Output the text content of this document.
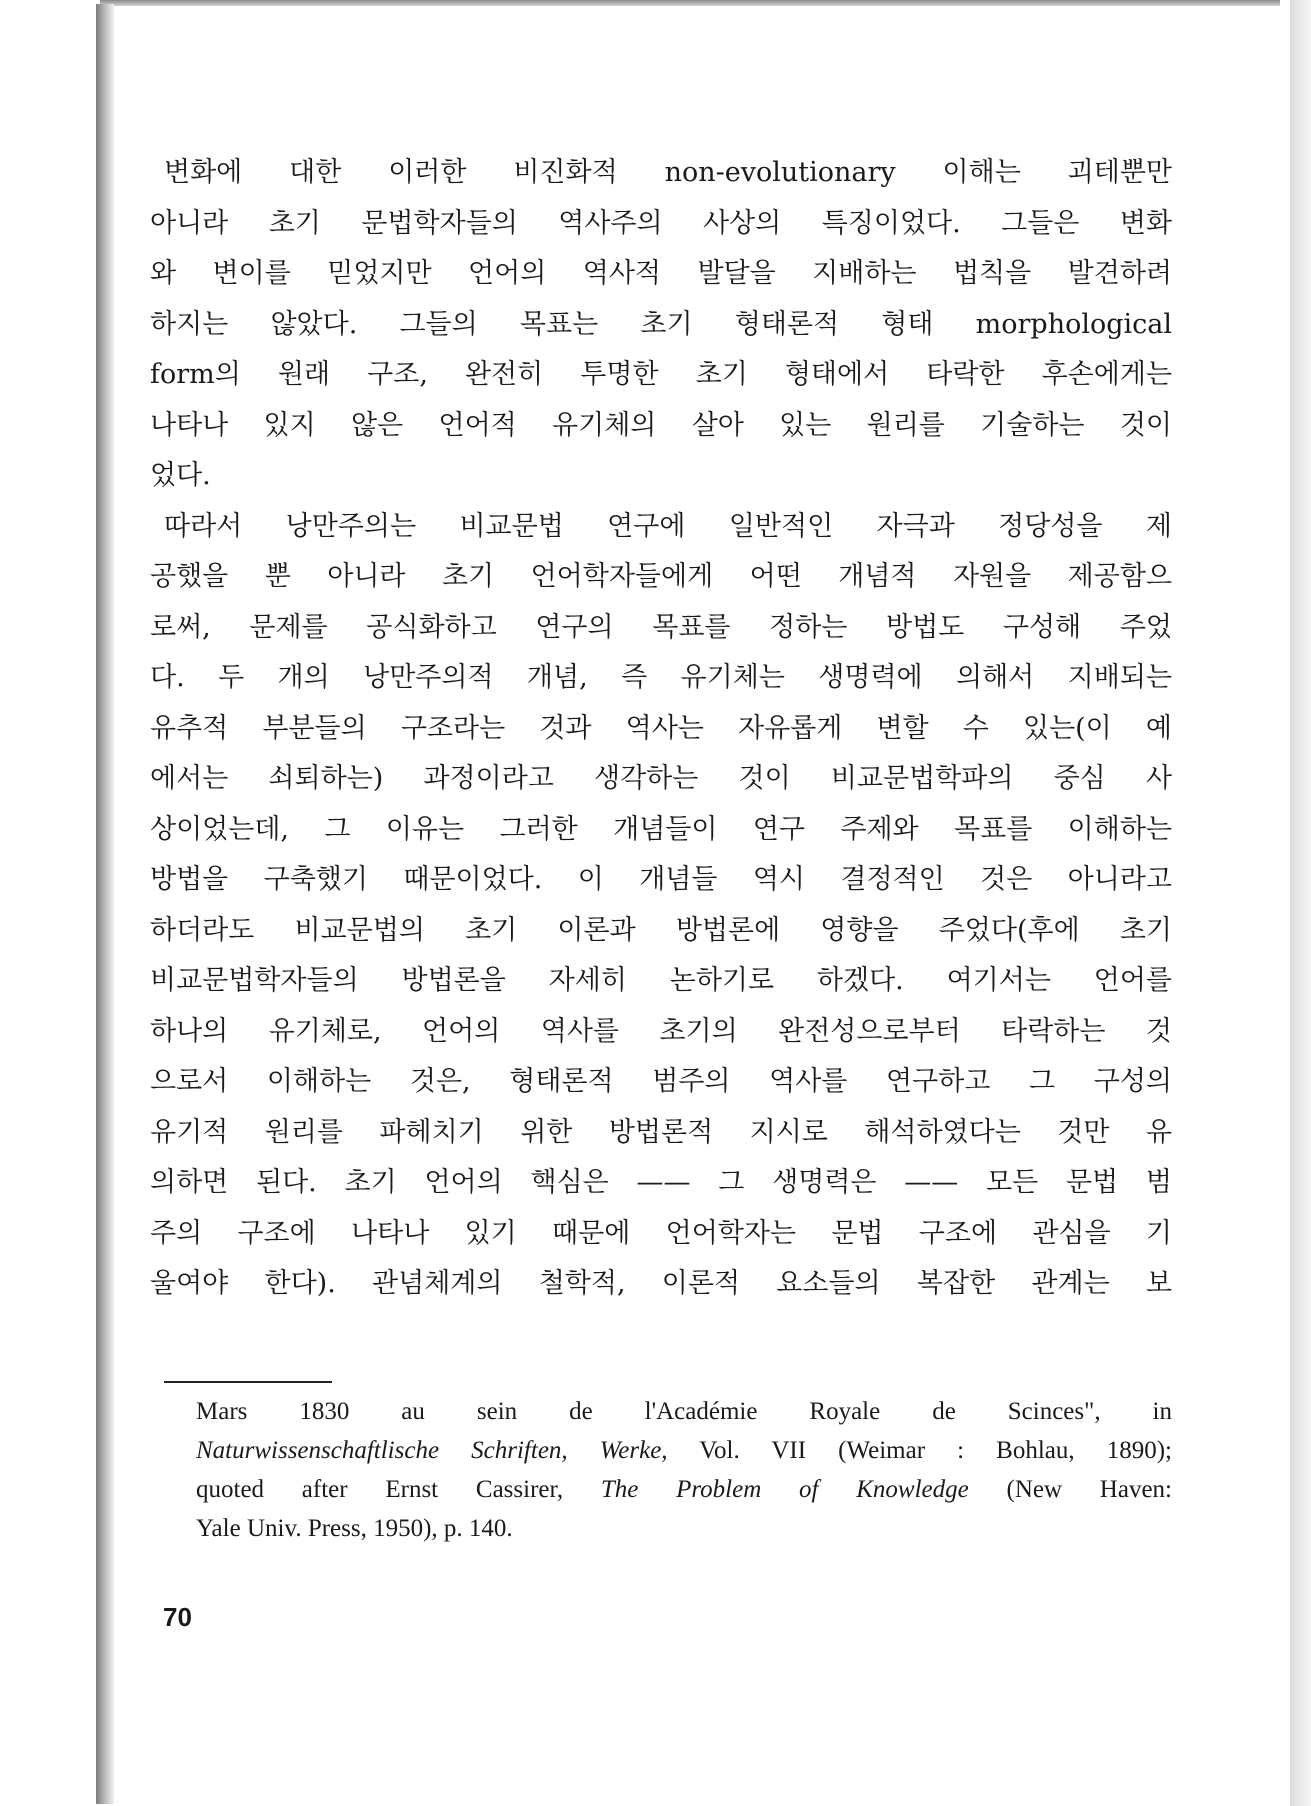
변화에 대한 이러한 비진화적 non-evolutionary 이해는 괴테뿐만
아니라 초기 문법학자들의 역사주의 사상의 특징이었다. 그들은 변화
와 변이를 믿었지만 언어의 역사적 발달을 지배하는 법칙을 발견하려
하지는 않았다. 그들의 목표는 초기 형태론적 형태 morphological
form의 원래 구조, 완전히 투명한 초기 형태에서 타락한 후손에게는
나타나 있지 않은 언어적 유기체의 살아 있는 원리를 기술하는 것이
었다.
따라서 낭만주의는 비교문법 연구에 일반적인 자극과 정당성을 제
공했을 뿐 아니라 초기 언어학자들에게 어떤 개념적 자원을 제공함으
로써, 문제를 공식화하고 연구의 목표를 정하는 방법도 구성해 주었
다. 두 개의 낭만주의적 개념, 즉 유기체는 생명력에 의해서 지배되는
유추적 부분들의 구조라는 것과 역사는 자유롭게 변할 수 있는(이 예
에서는 쇠퇴하는) 과정이라고 생각하는 것이 비교문법학파의 중심 사
상이었는데, 그 이유는 그러한 개념들이 연구 주제와 목표를 이해하는
방법을 구축했기 때문이었다. 이 개념들 역시 결정적인 것은 아니라고
하더라도 비교문법의 초기 이론과 방법론에 영향을 주었다(후에 초기
비교문법학자들의 방법론을 자세히 논하기로 하겠다. 여기서는 언어를
하나의 유기체로, 언어의 역사를 초기의 완전성으로부터 타락하는 것
으로서 이해하는 것은, 형태론적 범주의 역사를 연구하고 그 구성의
유기적 원리를 파헤치기 위한 방법론적 지시로 해석하였다는 것만 유
의하면 된다. 초기 언어의 핵심은 —— 그 생명력은 —— 모든 문법 범
주의 구조에 나타나 있기 때문에 언어학자는 문법 구조에 관심을 기
울여야 한다). 관념체계의 철학적, 이론적 요소들의 복잡한 관계는 보
Mars 1830 au sein de l'Académie Royale de Scinces", in
Naturwissenschaftlische Schriften, Werke, Vol. VII (Weimar : Bohlau, 1890);
quoted after Ernst Cassirer, The Problem of Knowledge (New Haven:
Yale Univ. Press, 1950), p. 140.
70
